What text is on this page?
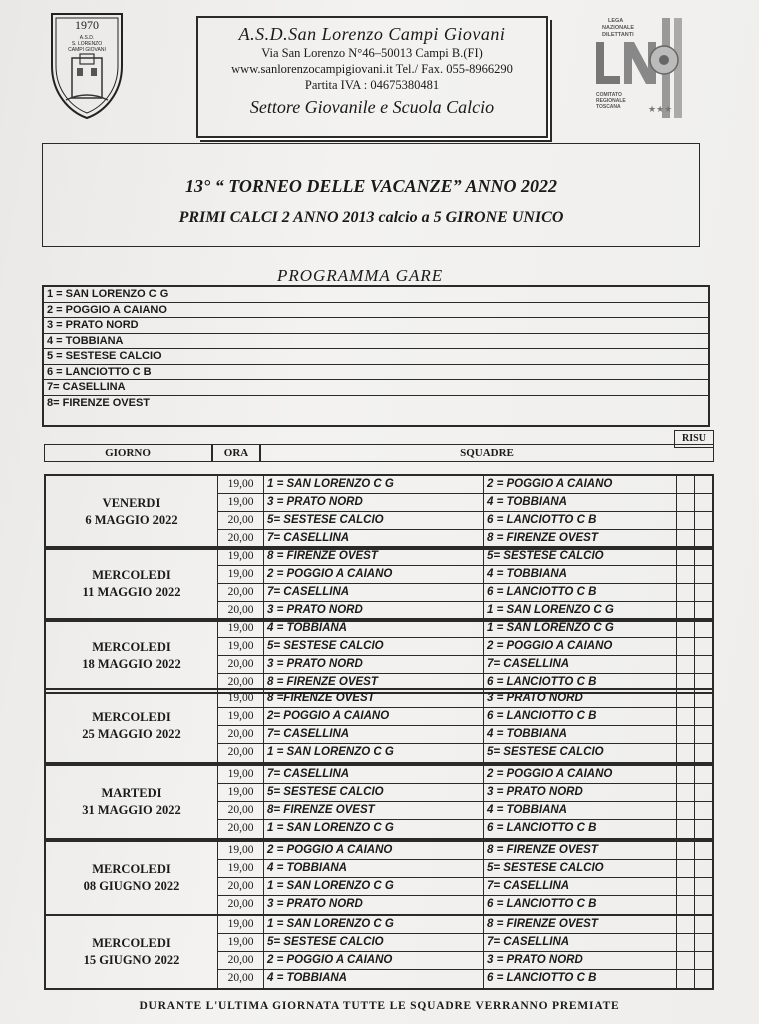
1970
A.S.D.
S. LORENZO
CAMPI GIOVANI
A.S.D.San Lorenzo Campi Giovani
Via San Lorenzo N°46–50013 Campi B.(FI)
www.sanlorenzocampigiovani.it Tel./ Fax. 055-8966290
Partita IVA : 04675380481
Settore Giovanile e Scuola Calcio
LEGA
NAZIONALE
DILETTANTI
COMITATO
REGIONALE
TOSCANA	★★★
13° “ TORNEO DELLE VACANZE” ANNO 2022
PRIMI CALCI 2 ANNO 2013 calcio a 5 GIRONE UNICO
PROGRAMMA GARE
1 = SAN LORENZO C G
2 = POGGIO A CAIANO
3 = PRATO NORD
4 = TOBBIANA
5 = SESTESE CALCIO
6 = LANCIOTTO C B
7= CASELLINA
8= FIRENZE OVEST
RISU
GIORNO	ORA	SQUADRE
VENERDI
6 MAGGIO 2022
19,00	1 = SAN LORENZO C G	2 = POGGIO A CAIANO
19,00	3 = PRATO NORD	4 = TOBBIANA
20,00	5= SESTESE CALCIO	6 = LANCIOTTO C B
20,00	7= CASELLINA	8 = FIRENZE OVEST
MERCOLEDI
11 MAGGIO 2022
19,00	8 = FIRENZE OVEST	5= SESTESE CALCIO
19,00	2 = POGGIO A CAIANO	4 = TOBBIANA
20,00	7= CASELLINA	6 = LANCIOTTO C B
20,00	3 = PRATO NORD	1 = SAN LORENZO C G
MERCOLEDI
18 MAGGIO 2022
19,00	4 = TOBBIANA	1 = SAN LORENZO C G
19,00	5= SESTESE CALCIO	2 = POGGIO A CAIANO
20,00	3 = PRATO NORD	7= CASELLINA
20,00	8 = FIRENZE OVEST	6 = LANCIOTTO C B
MERCOLEDI
25 MAGGIO 2022
19,00	8 =FIRENZE OVEST	3 = PRATO NORD
19,00	2= POGGIO A CAIANO	6 = LANCIOTTO C B
20,00	7= CASELLINA	4 = TOBBIANA
20,00	1 = SAN LORENZO C G	5= SESTESE CALCIO
MARTEDI
31 MAGGIO 2022
19,00	7= CASELLINA	2 = POGGIO A CAIANO
19,00	5= SESTESE CALCIO	3 = PRATO NORD
20,00	8= FIRENZE OVEST	4 = TOBBIANA
20,00	1 = SAN LORENZO C G	6 = LANCIOTTO C B
MERCOLEDI
08 GIUGNO 2022
19,00	2 = POGGIO A CAIANO	8 = FIRENZE OVEST
19,00	4 = TOBBIANA	5= SESTESE CALCIO
20,00	1 = SAN LORENZO C G	7= CASELLINA
20,00	3 = PRATO NORD	6 = LANCIOTTO C B
MERCOLEDI
15 GIUGNO 2022
19,00	1 = SAN LORENZO C G	8 = FIRENZE OVEST
19,00	5= SESTESE CALCIO	7= CASELLINA
20,00	2 = POGGIO A CAIANO	3 = PRATO NORD
20,00	4 = TOBBIANA	6 = LANCIOTTO C B
DURANTE L'ULTIMA GIORNATA TUTTE LE SQUADRE VERRANNO PREMIATE
